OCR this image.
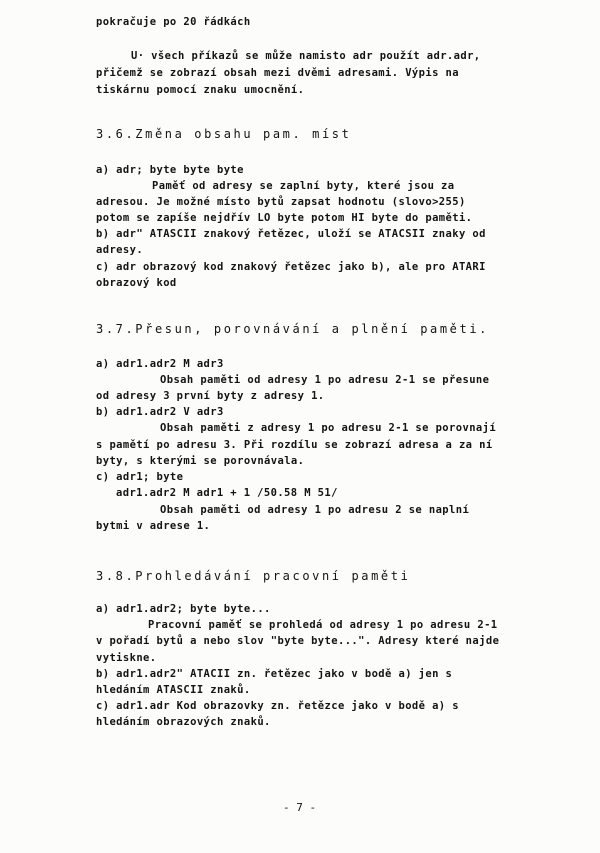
pokračuje po 20 řádkách
U· všech příkazů se může namisto adr použít adr.adr,
přičemž se zobrazí obsah mezi dvěmi adresami. Výpis na
tiskárnu pomocí znaku umocnění.
3.6.Změna obsahu pam. míst
a) adr; byte byte byte
Paměť od adresy se zaplní byty, které jsou za
adresou. Je možné místo bytů zapsat hodnotu (slovo>255)
potom se zapíše nejdřív LO byte potom HI byte do paměti.
b) adr" ATASCII znakový řetězec, uloží se ATACSII znaky od
adresy.
c) adr obrazový kod znakový řetězec jako b), ale pro ATARI
obrazový kod
3.7.Přesun, porovnávání a plnění paměti.
a) adr1.adr2 M adr3
Obsah paměti od adresy 1 po adresu 2-1 se přesune
od adresy 3 první byty z adresy 1.
b) adr1.adr2 V adr3
Obsah paměti z adresy 1 po adresu 2-1 se porovnají
s pamětí po adresu 3. Při rozdílu se zobrazí adresa a za ní
byty, s kterými se porovnávala.
c) adr1; byte
adr1.adr2 M adr1 + 1 /50.58 M 51/
Obsah paměti od adresy 1 po adresu 2 se naplní
bytmi v adrese 1.
3.8.Prohledávání pracovní paměti
a) adr1.adr2; byte byte...
Pracovní paměť se prohledá od adresy 1 po adresu 2-1
v pořadí bytů a nebo slov "byte byte...". Adresy které najde
vytiskne.
b) adr1.adr2" ATACII zn. řetězec jako v bodě a) jen s
hledáním ATASCII znaků.
c) adr1.adr Kod obrazovky zn. řetězce jako v bodě a) s
hledáním obrazových znaků.
- 7 -
